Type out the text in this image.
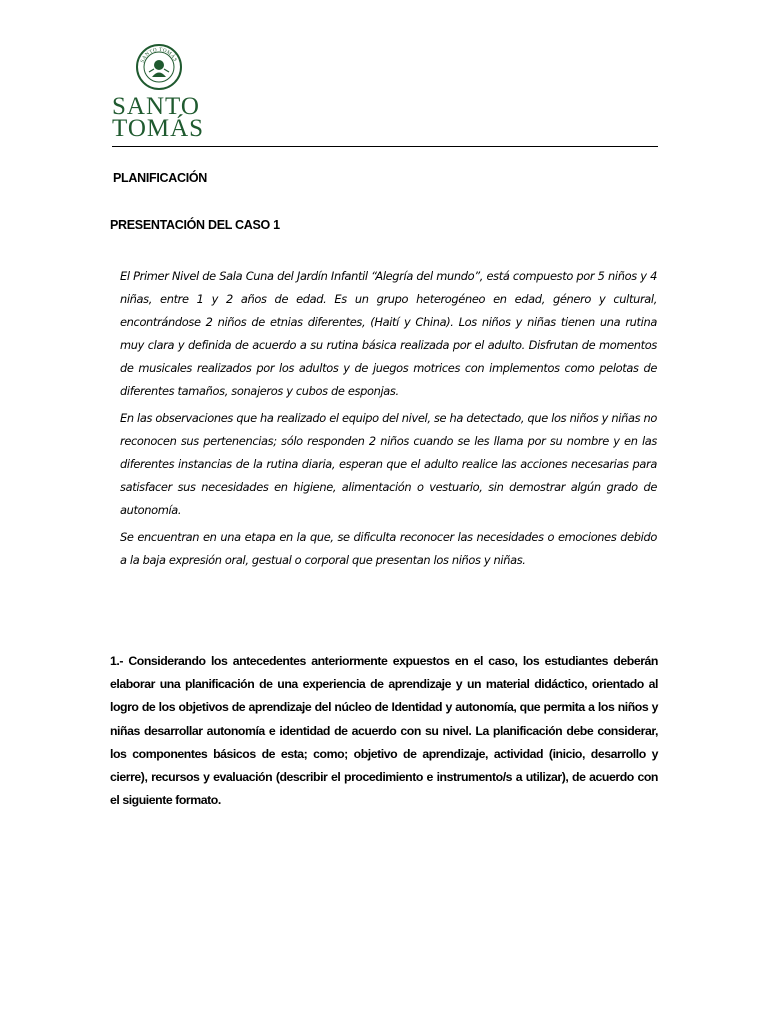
SANTO TOMÁS
SANTO
TOMÁS
PLANIFICACIÓN
PRESENTACIÓN DEL CASO 1

El Primer Nivel de Sala Cuna del Jardín Infantil “Alegría del mundo”, está compuesto por 5 niños y 4 niñas, entre 1 y 2 años de edad. Es un grupo heterogéneo en edad, género y cultural, encontrándose 2 niños de etnias diferentes, (Haití y China). Los niños y niñas tienen una rutina muy clara y definida de acuerdo a su rutina básica realizada por el adulto. Disfrutan de momentos de musicales realizados por los adultos y de juegos motrices con implementos como pelotas de diferentes tamaños, sonajeros y cubos de esponjas.

En las observaciones que ha realizado el equipo del nivel, se ha detectado, que los niños y niñas no reconocen sus pertenencias; sólo responden 2 niños cuando se les llama por su nombre y en las diferentes instancias de la rutina diaria, esperan que el adulto realice las acciones necesarias para satisfacer sus necesidades en higiene, alimentación o vestuario, sin demostrar algún grado de autonomía.

Se encuentran en una etapa en la que, se dificulta reconocer las necesidades o emociones debido a la baja expresión oral, gestual o corporal que presentan los niños y niñas.

1.- Considerando los antecedentes anteriormente expuestos en el caso, los estudiantes deberán elaborar una planificación de una experiencia de aprendizaje y un material didáctico, orientado al logro de los objetivos de aprendizaje del núcleo de Identidad y autonomía, que permita a los niños y niñas desarrollar autonomía e identidad de acuerdo con su nivel. La planificación debe considerar, los componentes básicos de esta; como; objetivo de aprendizaje, actividad (inicio, desarrollo y cierre), recursos y evaluación (describir el procedimiento e instrumento/s a utilizar), de acuerdo con el siguiente formato.
